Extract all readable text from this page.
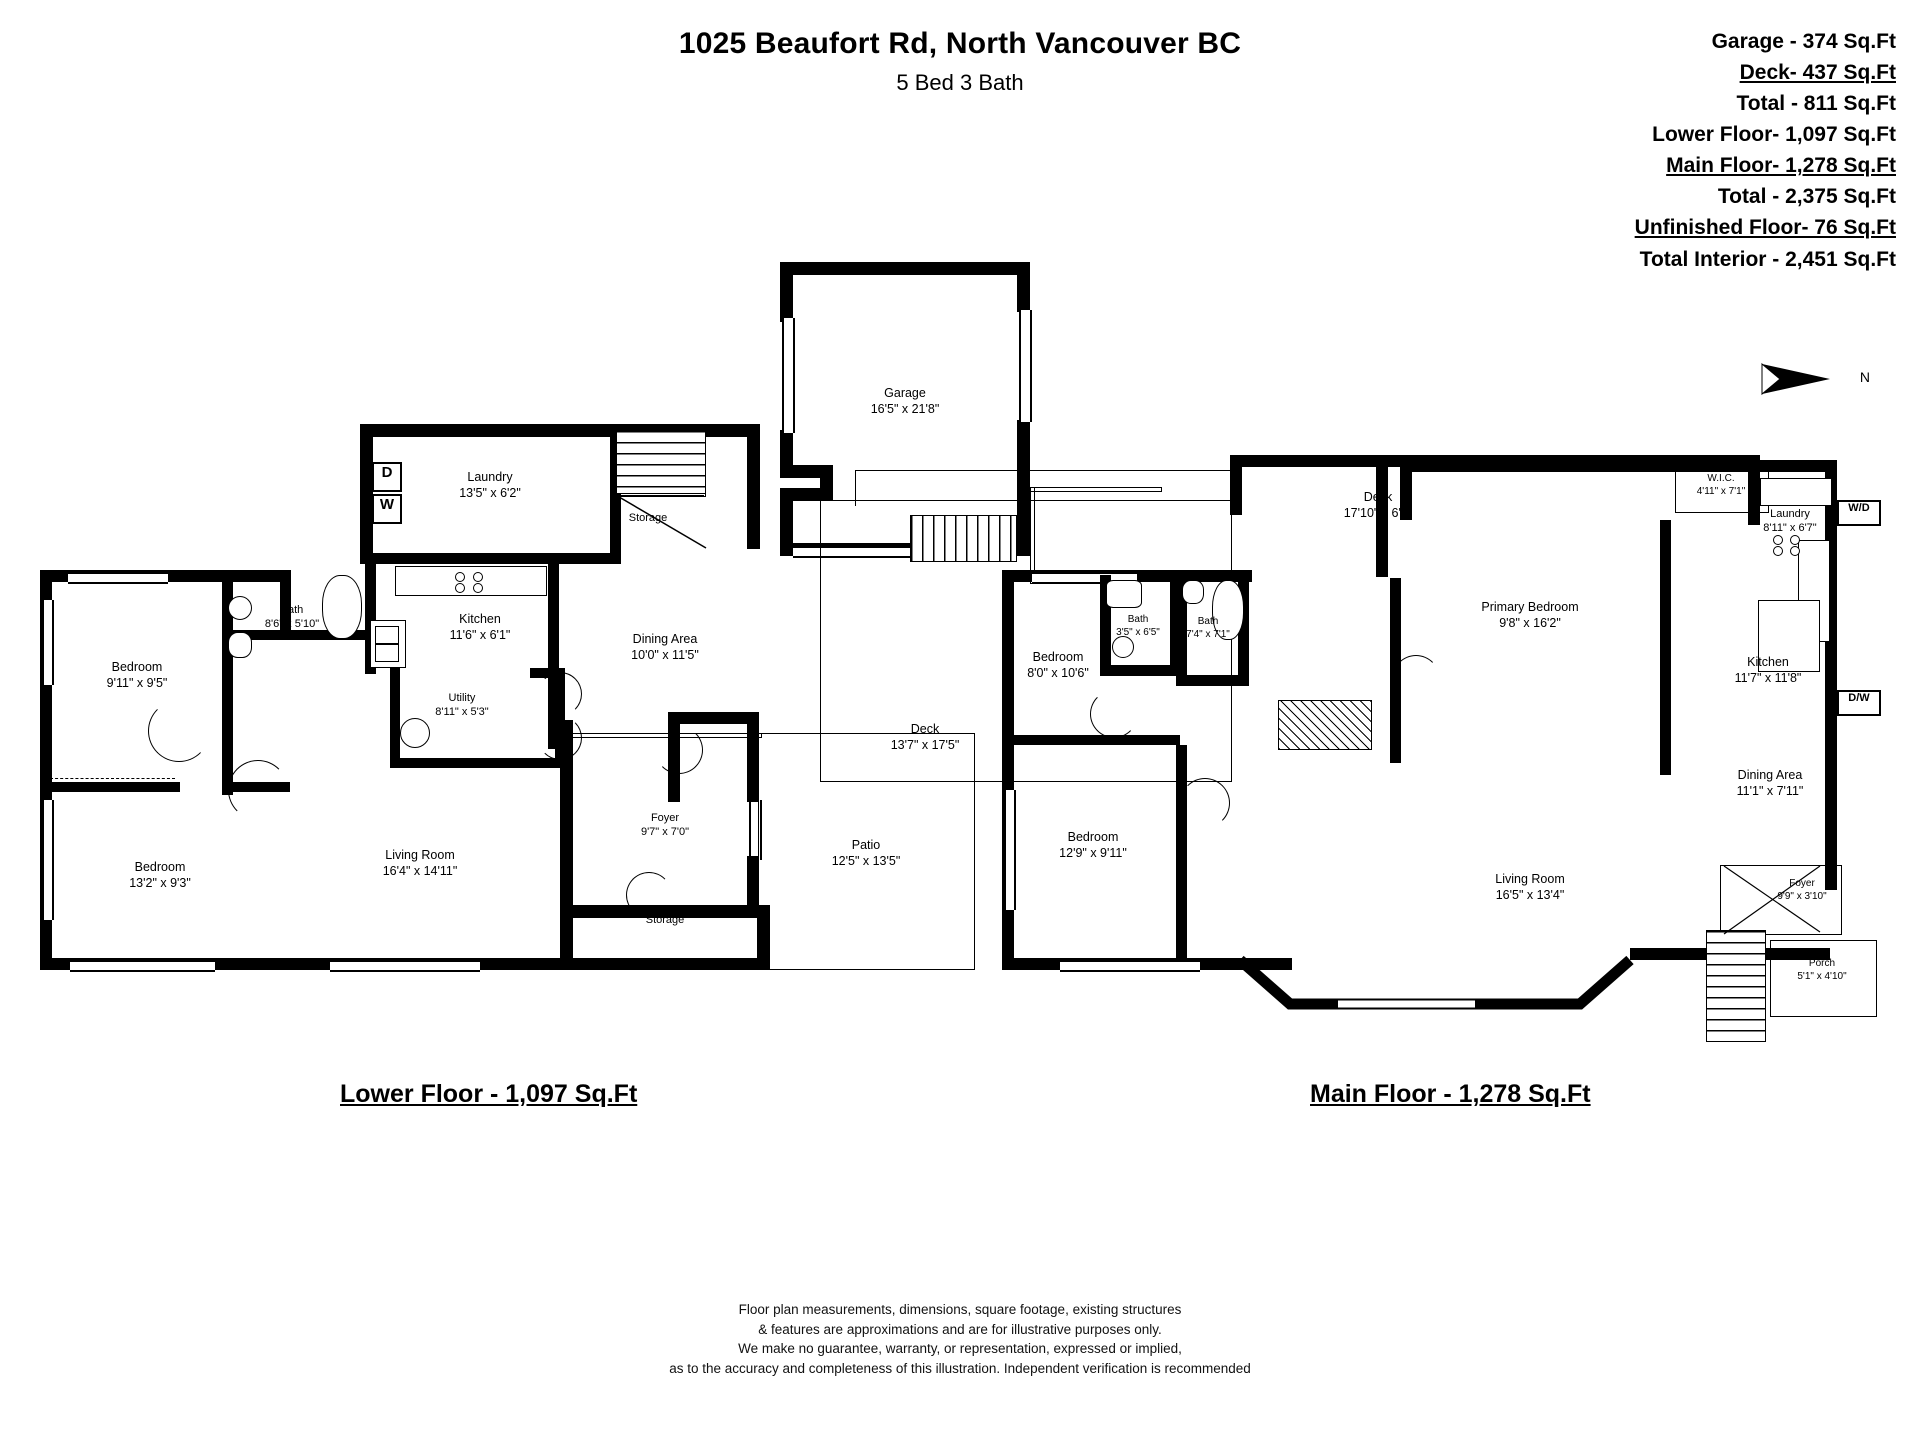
1025 Beaufort Rd, North Vancouver BC
5 Bed 3 Bath
Garage - 374 Sq.Ft
Deck- 437 Sq.Ft
Total - 811 Sq.Ft
Lower Floor- 1,097 Sq.Ft
Main Floor- 1,278 Sq.Ft
Total - 2,375 Sq.Ft
Unfinished Floor- 76 Sq.Ft
Total Interior - 2,451 Sq.Ft
N
Garage
16'5" x 21'8"
Storage
Laundry
13'5" x 6'2"
D
W
Kitchen
11'6" x 6'1"	Dining Area
10'0" x 11'5"
Bath
8'6" x 5'10"
Bedroom
9'11" x 9'5"
Bedroom
13'2" x 9'3"
Utility
8'11" x 5'3"
Living Room
16'4" x 14'11"
Foyer
9'7" x 7'0"
Patio
12'5" x 13'5"
Storage
Deck
17'10" x 6'8"
Deck
13'7" x 17'5"
W.I.C.
4'11" x 7'1"
Laundry
8'11" x 6'7"
W/D
D/W
Primary Bedroom
9'8" x 16'2"
Bath
3'5" x 6'5"
Bath
7'4" x 7'1"
Bedroom
8'0" x 10'6"
Bedroom
12'9" x 9'11"
Kitchen
11'7" x 11'8"
Dining Area
11'1" x 7'11"
Living Room
16'5" x 13'4"
Foyer
9'9" x 3'10"
Porch
5'1" x 4'10"
Lower Floor - 1,097 Sq.Ft	Main Floor - 1,278 Sq.Ft
Floor plan measurements, dimensions, square footage, existing structures
& features are approximations and are for illustrative purposes only.
We make no guarantee, warranty, or representation, expressed or implied,
as to the accuracy and completeness of this illustration. Independent verification is recommended
